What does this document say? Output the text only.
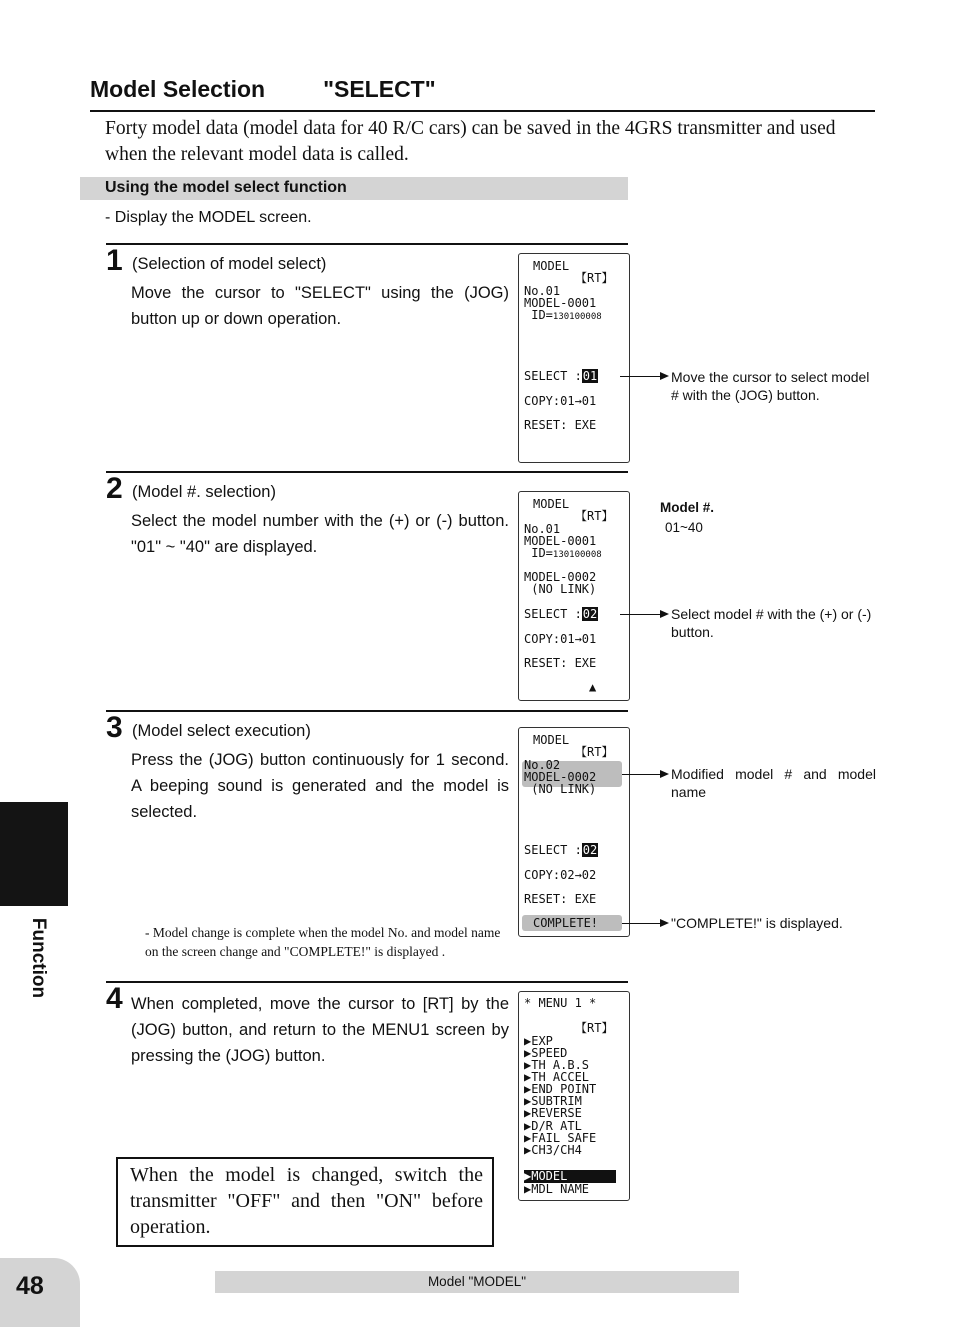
Model Selection	"SELECT"
Forty model data (model data for 40 R/C cars) can be saved in the 4GRS transmitter and used when the relevant model data is called.
Using the model select function
- Display the MODEL screen.
1 (Selection of model select)
Move the cursor to "SELECT" using the (JOG) button up or down operation.
MODEL
【RT】
No.01
MODEL-0001
ID=130100008
SELECT :01
COPY:01→01
RESET: EXE
Move the cursor to select model # with the (JOG) button.
2 (Model #. selection)
Select the model number with the (+) or (-) button. "01" ~ "40" are displayed.
MODEL
【RT】
No.01
MODEL-0001
ID=130100008
MODEL-0002
(NO LINK)
SELECT :02
COPY:01→01
RESET: EXE
▲
Model #.
01~40
Select model # with the (+) or (-) button.
3 (Model select execution)
Press the (JOG) button continuously for 1 second. A beeping sound is generated and the model is selected.
- Model change is complete when the model No. and model name on the screen change and "COMPLETE!" is displayed .
MODEL
【RT】
No.02
MODEL-0002
(NO LINK)
SELECT :02
COPY:02→02
RESET: EXE
COMPLETE!
Modified model # and model name
"COMPLETE!" is displayed.
4 When completed, move the cursor to [RT] by the (JOG) button, and return to the MENU1 screen by pressing the (JOG) button.
* MENU 1 *
【RT】
▶EXP
▶SPEED
▶TH A.B.S
▶TH ACCEL
▶END POINT
▶SUBTRIM
▶REVERSE
▶D/R ATL
▶FAIL SAFE
▶CH3/CH4
▶MODEL
▶MDL NAME
When the model is changed, switch the transmitter "OFF" and then "ON" before operation.
Function
48	Model "MODEL"
